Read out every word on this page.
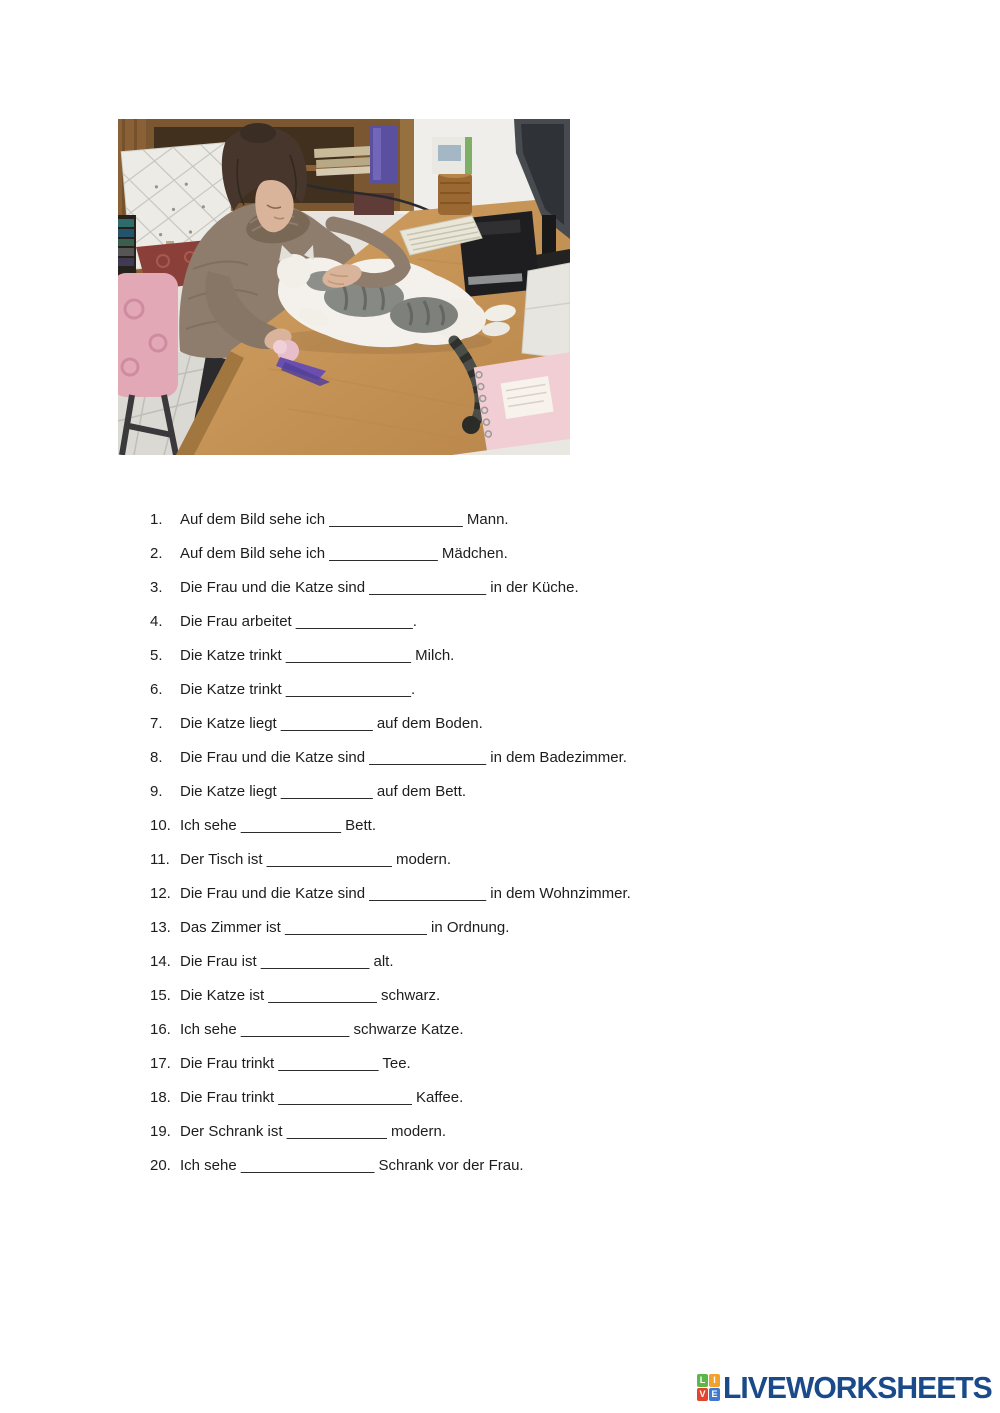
1.	Auf dem Bild sehe ich ________________ Mann.
2.	Auf dem Bild sehe ich _____________ Mädchen.
3.	Die Frau und die Katze sind ______________ in der Küche.
4.	Die Frau arbeitet ______________.
5.	Die Katze trinkt _______________ Milch.
6.	Die Katze trinkt _______________.
7.	Die Katze liegt ___________ auf dem Boden.
8.	Die Frau und die Katze sind ______________ in dem Badezimmer.
9.	Die Katze liegt ___________ auf dem Bett.
10. Ich sehe ____________ Bett.
11. Der Tisch ist _______________ modern.
12. Die Frau und die Katze sind ______________ in dem Wohnzimmer.
13. Das Zimmer ist _________________ in Ordnung.
14. Die Frau ist _____________ alt.
15. Die Katze ist _____________ schwarz.
16. Ich sehe _____________ schwarze Katze.
17. Die Frau trinkt ____________ Tee.
18. Die Frau trinkt ________________ Kaffee.
19. Der Schrank ist ____________ modern.
20. Ich sehe ________________ Schrank vor der Frau.
L I
V E LIVEWORKSHEETS
